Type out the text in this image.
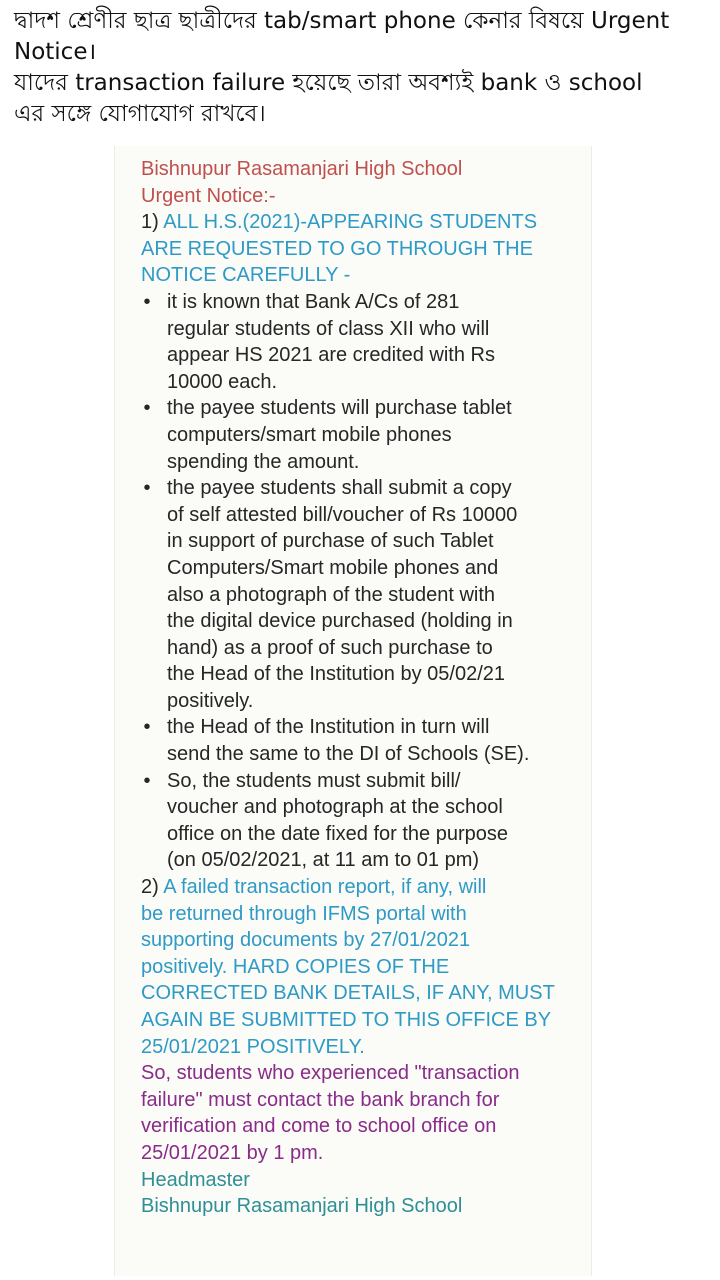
দ্বাদশ শ্রেণীর ছাত্র ছাত্রীদের tab/smart phone কেনার বিষয়ে Urgent

Notice।

যাদের transaction failure হয়েছে তারা অবশ্যই bank ও school

এর সঙ্গে যোগাযোগ রাখবে।

Bishnupur Rasamanjari High School
Urgent Notice:-
1) ALL H.S.(2021)-APPEARING STUDENTS
ARE REQUESTED TO GO THROUGH THE
NOTICE CAREFULLY -
• it is known that Bank A/Cs of 281
regular students of class XII who will
appear HS 2021 are credited with Rs
10000 each.
• the payee students will purchase tablet
computers/smart mobile phones
spending the amount.
• the payee students shall submit a copy
of self attested bill/voucher of Rs 10000
in support of purchase of such Tablet
Computers/Smart mobile phones and
also a photograph of the student with
the digital device purchased (holding in
hand) as a proof of such purchase to
the Head of the Institution by 05/02/21
positively.
• the Head of the Institution in turn will
send the same to the DI of Schools (SE).
• So, the students must submit bill/
voucher and photograph at the school
office on the date fixed for the purpose
(on 05/02/2021, at 11 am to 01 pm)
2) A failed transaction report, if any, will
be returned through IFMS portal with
supporting documents by 27/01/2021
positively. HARD COPIES OF THE
CORRECTED BANK DETAILS, IF ANY, MUST
AGAIN BE SUBMITTED TO THIS OFFICE BY
25/01/2021 POSITIVELY.
So, students who experienced "transaction
failure" must contact the bank branch for
verification and come to school office on
25/01/2021 by 1 pm.
Headmaster
Bishnupur Rasamanjari High School
